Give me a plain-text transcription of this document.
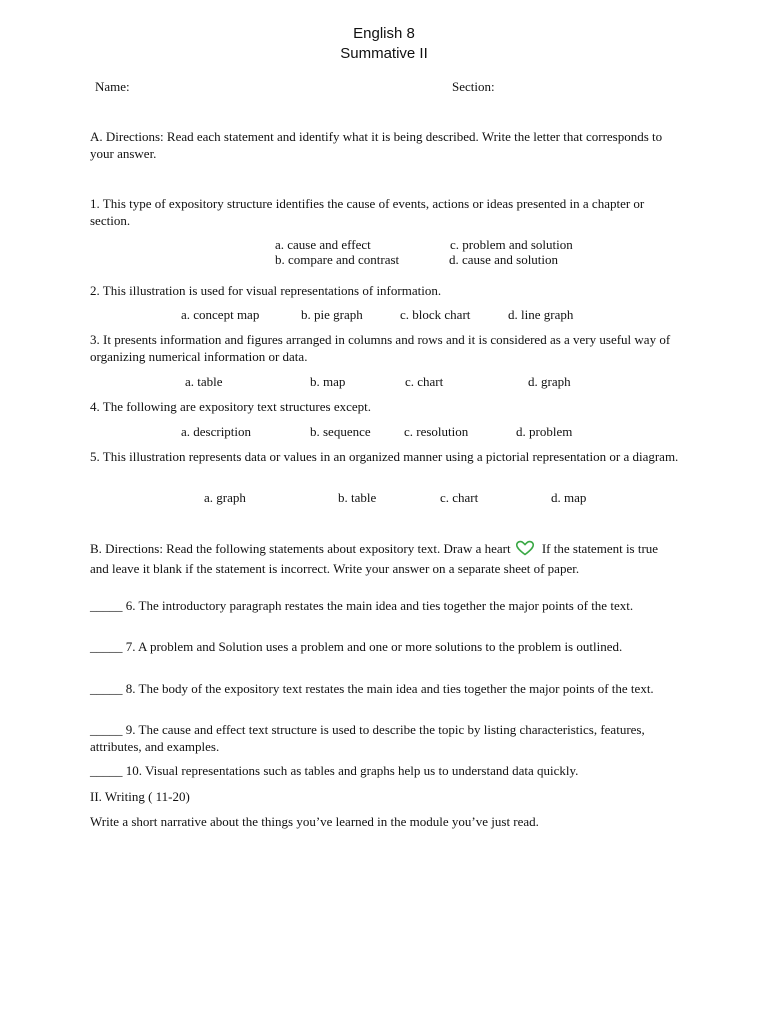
English 8
Summative II
Name:	Section:
A. Directions: Read each statement and identify what it is being described. Write the letter that corresponds to your answer.
1. This type of expository structure identifies the cause of events, actions or ideas presented in a chapter or section.
a. cause and effect	c. problem and solution
b. compare and contrast	d. cause and solution
2. This illustration is used for visual representations of information.
a. concept map	b. pie graph	c. block chart	d. line graph
3. It presents information and figures arranged in columns and rows and it is considered as a very useful way of organizing numerical information or data.
a. table	b. map	c. chart	d. graph
4. The following are expository text structures except.
a. description	b. sequence	c. resolution	d. problem
5. This illustration represents data or values in an organized manner using a pictorial representation or a diagram.
a. graph	b. table	c. chart	d. map
B. Directions: Read the following statements about expository text. Draw a heart If the statement is true and leave it blank if the statement is incorrect. Write your answer on a separate sheet of paper.
_____ 6. The introductory paragraph restates the main idea and ties together the major points of the text.
_____ 7. A problem and Solution uses a problem and one or more solutions to the problem is outlined.
_____ 8. The body of the expository text restates the main idea and ties together the major points of the text.
_____ 9. The cause and effect text structure is used to describe the topic by listing characteristics, features, attributes, and examples.
_____ 10. Visual representations such as tables and graphs help us to understand data quickly.
II. Writing ( 11-20)
Write a short narrative about the things you’ve learned in the module you’ve just read.
